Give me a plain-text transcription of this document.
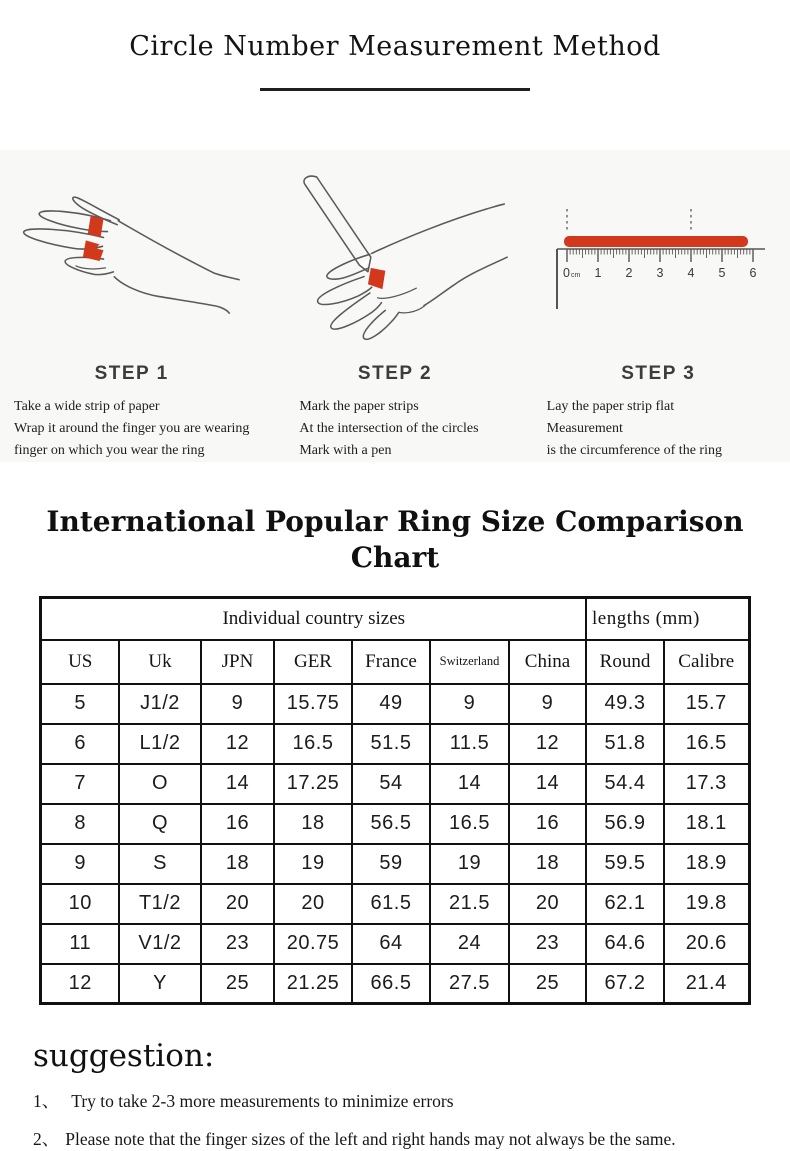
Circle Number Measurement Method
STEP 1
Take a wide strip of paper
Wrap it around the finger you are wearing
finger on which you wear the ring
STEP 2
Mark the paper strips
At the intersection of the circles
Mark with a pen
0cm 1 2 3 4 5 6
STEP 3
Lay the paper strip flat
Measurement
is the circumference of the ring
International Popular Ring Size Comparison Chart
Individual country sizes							lengths (mm)	
US	Uk	JPN	GER	France	Switzerland	China	Round	Calibre
5	J1/2	9	15.75	49	9	9	49.3	15.7
6	L1/2	12	16.5	51.5	11.5	12	51.8	16.5
7	O	14	17.25	54	14	14	54.4	17.3
8	Q	16	18	56.5	16.5	16	56.9	18.1
9	S	18	19	59	19	18	59.5	18.9
10	T1/2	20	20	61.5	21.5	20	62.1	19.8
11	V1/2	23	20.75	64	24	23	64.6	20.6
12	Y	25	21.25	66.5	27.5	25	67.2	21.4
suggestion:
1、 Try to take 2-3 more measurements to minimize errors
2、 Please note that the finger sizes of the left and right hands may not always be the same.
